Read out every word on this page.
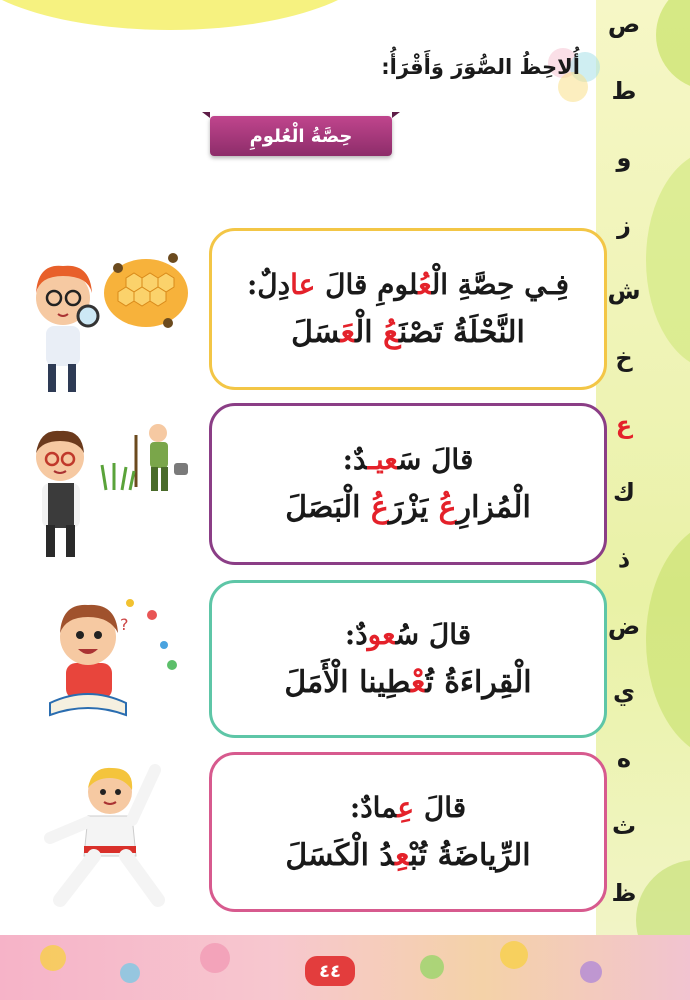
ص
ط
و
ز
ش
خ
ع
ك
ذ
ض
ي
ه
ث
ظ
أُلاحِظُ الصُّوَرَ وَأَقْرَأُ:
حِصَّةُ الْعُلومِ
?
فِـي حِصَّةِ الْعُلومِ قالَ عادِلٌ:
النَّحْلَةُ تَصْنَعُ الْعَسَلَ
قالَ سَعيـدٌ:
الْمُزارِعُ يَزْرَعُ الْبَصَلَ
قالَ سُعودٌ:
الْقِراءَةُ تُعْطِينا الْأَمَلَ
قالَ عِمادٌ:
الرِّياضَةُ تُبْعِدُ الْكَسَلَ
٤٤
